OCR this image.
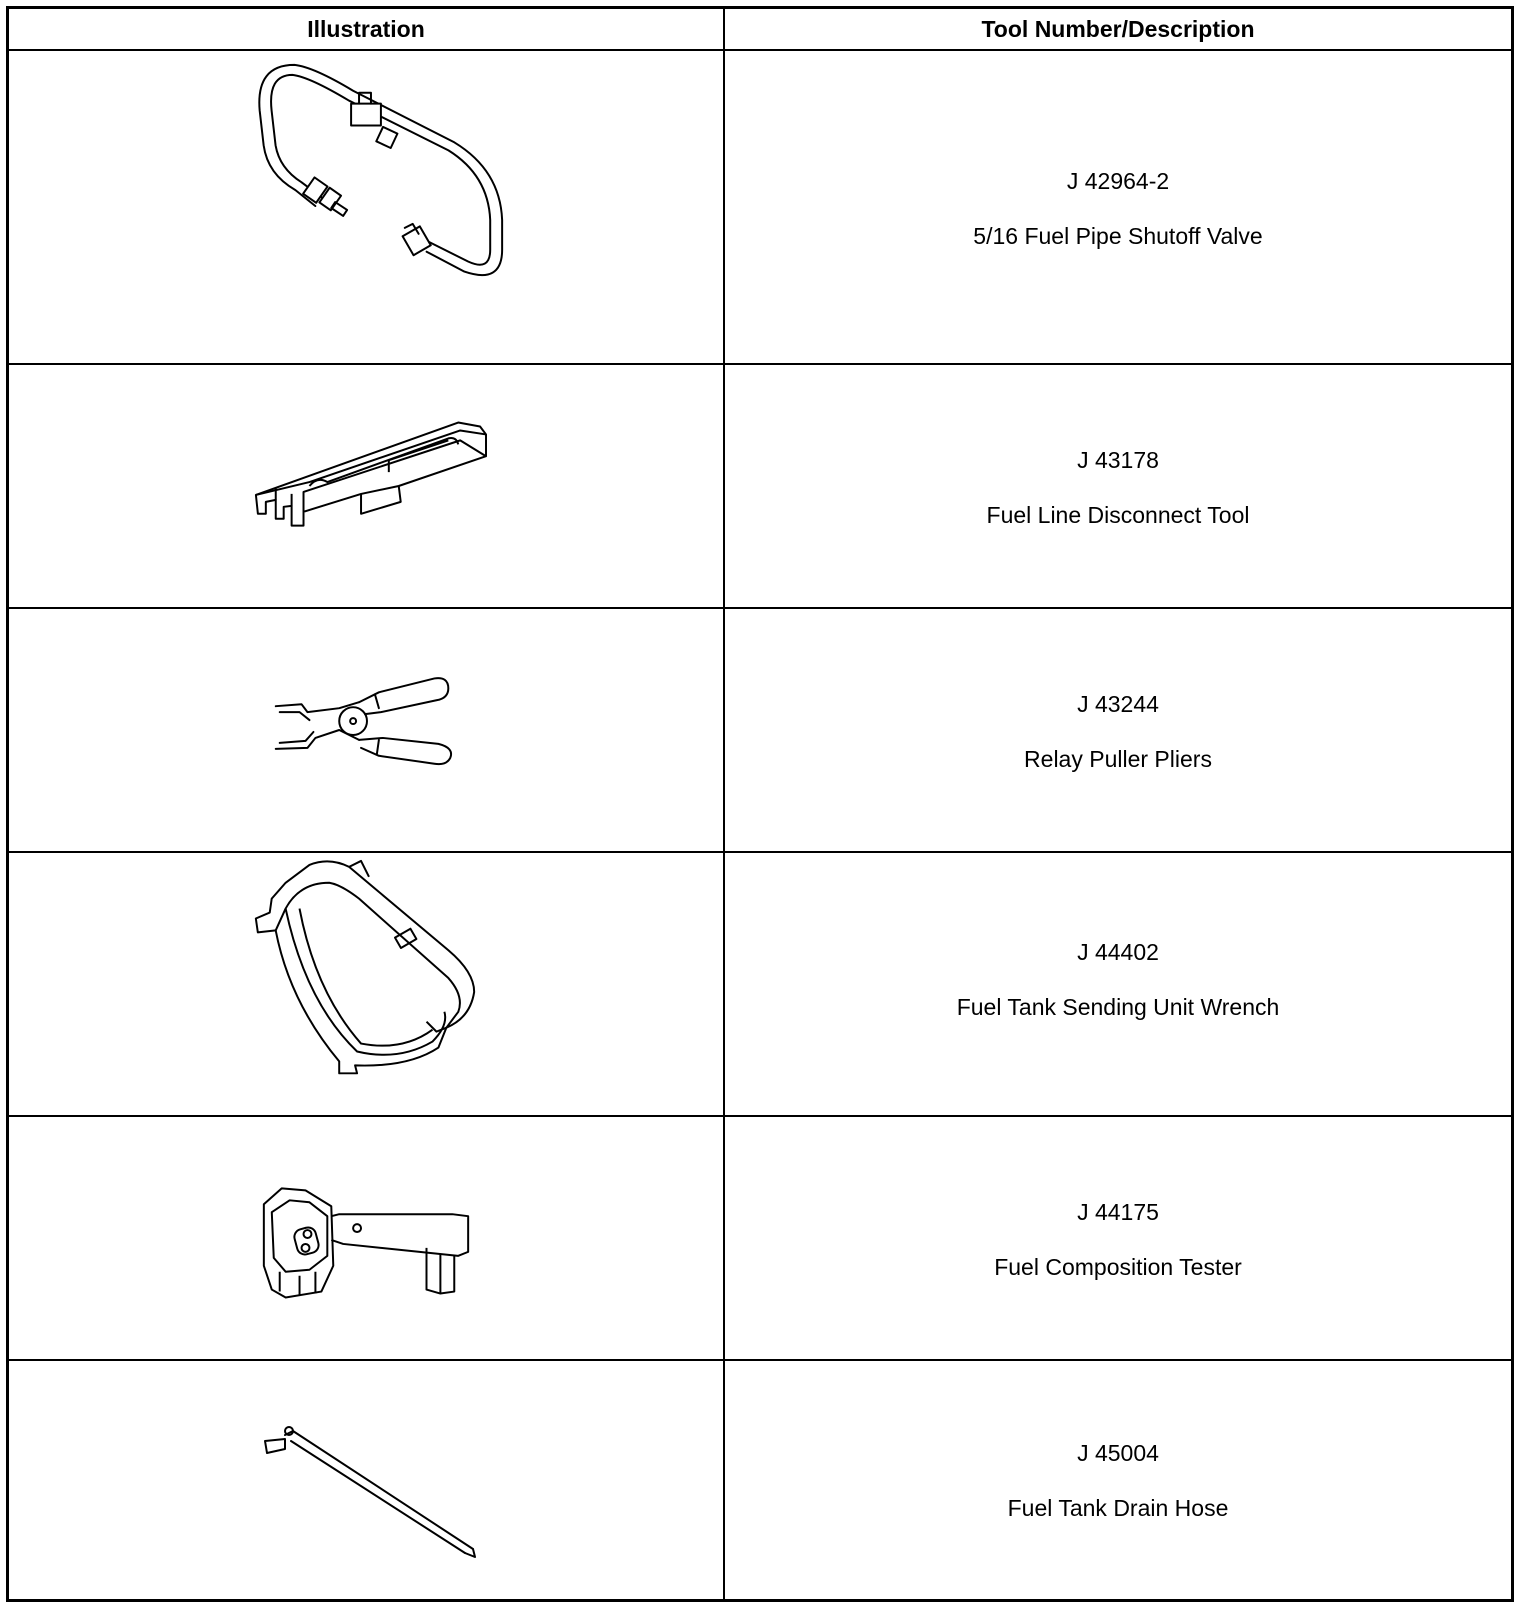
Illustration	Tool Number/Description
J 42964-2
5/16 Fuel Pipe Shutoff Valve
J 43178
Fuel Line Disconnect Tool
J 43244
Relay Puller Pliers
J 44402
Fuel Tank Sending Unit Wrench
J 44175
Fuel Composition Tester
J 45004
Fuel Tank Drain Hose
